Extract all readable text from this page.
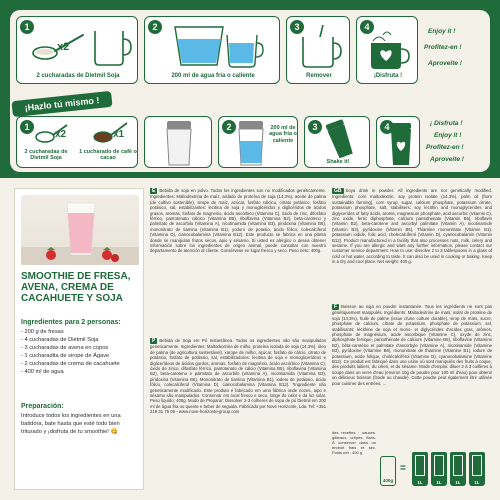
1
x2
2 cucharadas de Dietmil Soja
2
200 ml de agua fría o caliente
3
Remover
4
¡Disfruta !
Enjoy it !
Profitez-en !
Aproveite !
¡Hazlo tú mismo !
1
x2	x1
2 cucharadas de Dietmil Soja
1 cucharado de café o cacao
2	200 ml de agua fría o caliente
3
Shake it!
4	¡ Disfruta !
Enjoy it !
Profitez-en !
Aproveite !
SMOOTHIE DE FRESA, AVENA, CREMA DE CACAHUETE Y SOJA
Ingredientes para 2 personas:
- 200 g de fresas
- 4 cucharadas de Dietmil Soja
- 3 cucharadas de avena en copos
- 1 cucharadita de sirope de Ágave
- 2 cucharadas de crema de cacahuete
- 400 ml de agua
Preparación:
Introduce todos los ingredientes en una batidora, bate hasta que esté todo bien triturado y ¡disfruta de tu smoothie! 😋
E Bebida de soja en polvo. Todos los ingredientes son no modificados genéticamente. Ingredientes: Maltodextrina de maíz, aislado de proteína de soja (14,3%), aceite de palma (de cultivo sostenible), sirope de maíz, azúcar, fosfato cálcico, citrato potásico, fosfato potásico, sal, estabilizantes: lecitina de soja y monoglicéridos y diglicéridos de ácidos grasos, aromas, fosfato de magnesio, ácido ascórbico (Vitamina C), óxido de zinc, difosfato férrico, pantotenato cálcico (Vitamina B5), riboflavina (Vitamina B2), beta-caroteno y palmitato de ascorbilo (Vitamina A), nicotinamida (Vitamina B3), piridoxina (Vitamina B6), mononitrato de tiamina (Vitamina B1), yoduro de potasio, ácido fólico, colecalciferol (Vitamina D), cianocobalamina (Vitamina B12). Este producto se fabrica en una planta donde se manipulan frutos secos, apio y sésamo. Si usted es alérgico o desea obtener información sobre los ingredientes de origen animal, puede consultar con nuestro departamento de atención al cliente. Consérvese en lugar fresco y seco. Peso neto: 400g.
P Bebida de Soja em Pó Instantânea. Todos os ingredientes não são manipulados geneticamente. Ingredientes: Maltodextrina de milho, proteína isolada de soja (14,3%), óleo de palma (de agricultura sustentável), xarope de milho, açúcar, fosfato de cálcio, citrato de potássio, fosfato de potássio, sal, estabilizadores: lecitina de soja e monoglicerídeos e diglicerídeos de ácidos gordos, aromas, fosfato de magnésio, ácido ascórbico (Vitamina C), óxido de zinco, difosfato férrico, pantotenato de cálcio (Vitamina B5), riboflavina (Vitamina B2), beta-caroteno e palmitato de ascorbilo (Vitamina A), nicotinamida (Vitamina B3), piridoxina (Vitamina B6), Mononitrato de tiamina (Vitamina B1), iodeto de potássio, ácido fólico, colecalciferol (Vitamina D), cianocobalamina (Vitamina B12). *Ingrediente não geneticamente modificado. Este produto é fabricado em uma fábrica onde nozes, aipo e sésamo são manipulados. Conservar em local fresco e seco, longe do calor e da luz solar. Peso líquido: 400g. Modo de Preparar: Dissolver 2-3 colheres de sopa de pó Dietmil em 200 ml de água fria ou quente e beber de seguida. Fabricado por Nove Horizonte, Lda. Tel: +351 219 31 75 06 - www.nove-horizonte-group.com
GB Soya drink in powder. All ingredients are not genetically modified. Ingredients: corn maltodextrin, soy protein isolate (14,3%), palm oil (from sustainable farming), corn syrup, sugar, calcium phosphate, potassium citrate, potassium phosphate, salt, stabilisers: soy lecithin and monoglycerides and diglycerides of fatty acids, aroma, magnesium phosphate, acid ascorbic (Vitamin C), zinc oxide, ferric diphosphate, calcium pantothenate (Vitamin B5), riboflavin (Vitamin B2), beta-carotene and ascorbyl palmitate (Vitamin A), nicotinamide (Vitamin B3), pyridoxine (Vitamin B6), Thiamine mononitrate (Vitamin B1), potassium iodide, folic acid, cholecalciferol (Vitamin D), cyanocobalamin (Vitamin B12). Product manufactured in a facility that also processes nuts, milk, celery and sesame. If you are allergic and want any further information, please contact our customer service department. How to use: dissolve 2 to 3 tablespoons in a glass of cold or hot water, according to taste. It can also be used in cooking or baking. Keep in a dry and cool place. Net weight: 400 g.
F Boisson au soja en poudre instantanée. Tous les ingrédients ne sont pas génétiquement manipulés. Ingrédients: Maltodextrine de maïs, isolat de protéine de soja (14,3%), huile de palme (issue d'une culture durable), sirop de maïs, sucre, phosphate de calcium, citrate de potassium, phosphate de potassium, sel, stabilisants: lécithine de soja et mono- et diglycérides d'acides gras, arômes, phosphate de magnésium, acide ascorbique (Vitamine C), oxyde de zinc, diphosphate ferrique, pantothénate de calcium (Vitamine B5), riboflavine (Vitamine B2), bêta-carotène et palmitate d'ascorbyle (Vitamine A), nicotinamide (Vitamine B3), pyridoxine (Vitamine B6), mononitrate de thiamine (Vitamine B1), iodure de potassium, acide folique, cholécalciférol (Vitamine D), cyanocobalamine (Vitamine B12). Ce produit est fabriqué dans une usine où sont manipulés des fruits à coque, des produits laitiers, du céleri, et du sésame. Mode d'emploi: diluer 2 à 3 cuillères à soupe dans un verre d'eau (environ 10g de poudre pour 100 ml d'eau) pour obtenir un délicieux boisson (froide ou chaude). Cette poudre peut également être utilisée pour cuisiner des entrées, ...
des recettes : sauces, gâteaux, crêpes, flans. À conserver dans un endroit frais et sec. Poids net : 400 g.
400g
=
1L	1L	1L	1L
